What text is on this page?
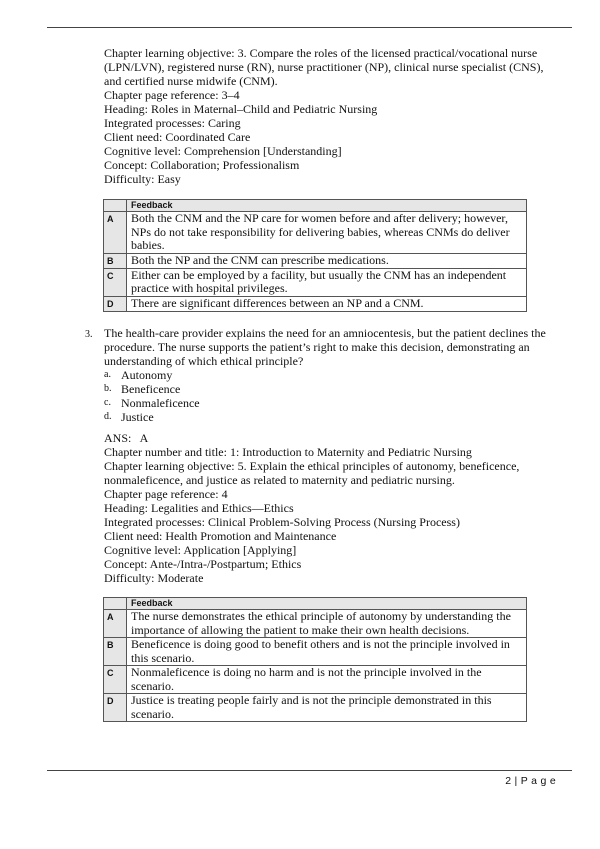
Chapter learning objective: 3. Compare the roles of the licensed practical/vocational nurse (LPN/LVN), registered nurse (RN), nurse practitioner (NP), clinical nurse specialist (CNS), and certified nurse midwife (CNM).
Chapter page reference: 3–4
Heading: Roles in Maternal–Child and Pediatric Nursing
Integrated processes: Caring
Client need: Coordinated Care
Cognitive level: Comprehension [Understanding]
Concept: Collaboration; Professionalism
Difficulty: Easy
	Feedback
A	Both the CNM and the NP care for women before and after delivery; however, NPs do not take responsibility for delivering babies, whereas CNMs do deliver babies.
B	Both the NP and the CNM can prescribe medications.
C	Either can be employed by a facility, but usually the CNM has an independent practice with hospital privileges.
D	There are significant differences between an NP and a CNM.
3. The health-care provider explains the need for an amniocentesis, but the patient declines the procedure. The nurse supports the patient’s right to make this decision, demonstrating an understanding of which ethical principle?
a. Autonomy
b. Beneficence
c. Nonmaleficence
d. Justice
ANS:   A
Chapter number and title: 1: Introduction to Maternity and Pediatric Nursing
Chapter learning objective: 5. Explain the ethical principles of autonomy, beneficence, nonmaleficence, and justice as related to maternity and pediatric nursing.
Chapter page reference: 4
Heading: Legalities and Ethics—Ethics
Integrated processes: Clinical Problem-Solving Process (Nursing Process)
Client need: Health Promotion and Maintenance
Cognitive level: Application [Applying]
Concept: Ante-/Intra-/Postpartum; Ethics
Difficulty: Moderate
	Feedback
A	The nurse demonstrates the ethical principle of autonomy by understanding the importance of allowing the patient to make their own health decisions.
B	Beneficence is doing good to benefit others and is not the principle involved in this scenario.
C	Nonmaleficence is doing no harm and is not the principle involved in the scenario.
D	Justice is treating people fairly and is not the principle demonstrated in this scenario.
2 | P a g e
